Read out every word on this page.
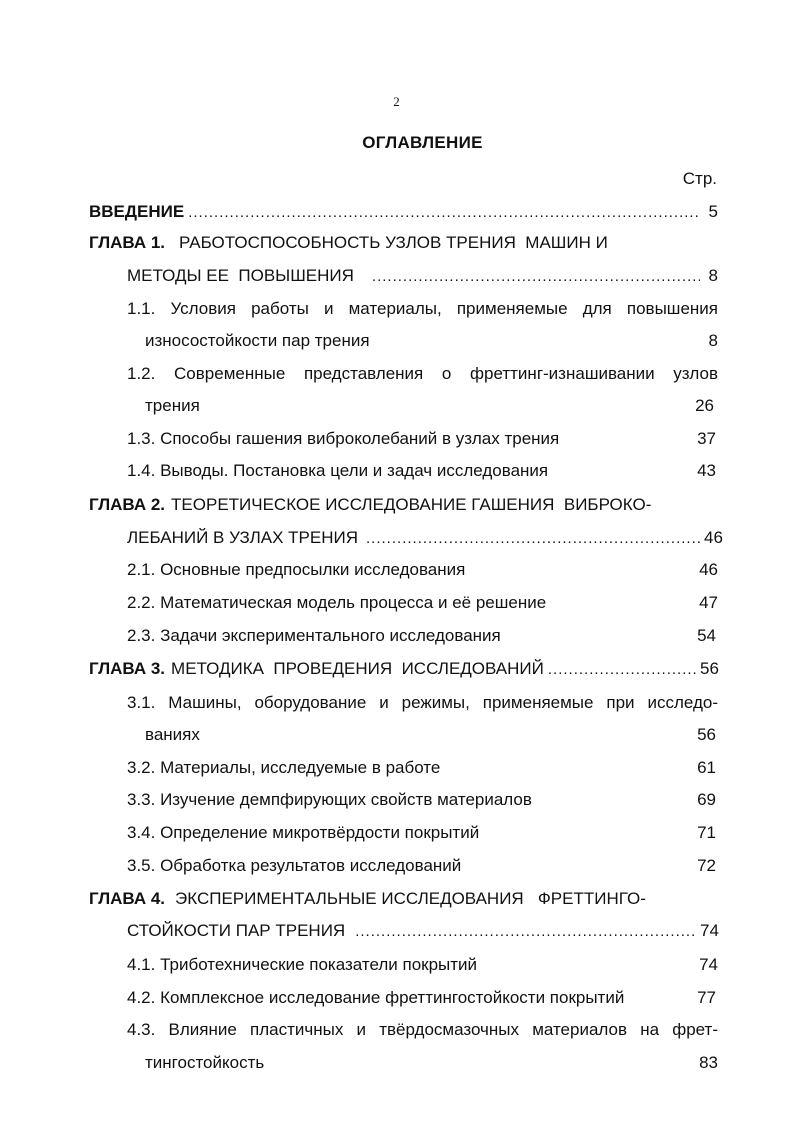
2
ОГЛАВЛЕНИЕ
Стр.
ВВЕДЕНИЕ .....	5
ГЛАВА 1. РАБОТОСПОСОБНОСТЬ УЗЛОВ ТРЕНИЯ  МАШИН И
МЕТОДЫ ЕЕ  ПОВЫШЕНИЯ .....	8
1.1. Условия работы и материалы, применяемые для повышения
износостойкости пар трения	8
1.2. Современные представления о фреттинг-изнашивании узлов
трения	26
1.3. Способы гашения виброколебаний в узлах трения	37
1.4. Выводы. Постановка цели и задач исследования	43
ГЛАВА 2. ТЕОРЕТИЧЕСКОЕ ИССЛЕДОВАНИЕ ГАШЕНИЯ  ВИБРОКО-
ЛЕБАНИЙ В УЗЛАХ ТРЕНИЯ .....	46
2.1. Основные предпосылки исследования	46
2.2. Математическая модель процесса и её решение	47
2.3. Задачи экспериментального исследования	54
ГЛАВА 3. МЕТОДИКА  ПРОВЕДЕНИЯ  ИССЛЕДОВАНИЙ .....	56
3.1. Машины, оборудование и режимы, применяемые при исследо-
ваниях	56
3.2. Материалы, исследуемые в работе	61
3.3. Изучение демпфирующих свойств материалов	69
3.4. Определение микротвёрдости покрытий	71
3.5. Обработка результатов исследований	72
ГЛАВА 4. ЭКСПЕРИМЕНТАЛЬНЫЕ ИССЛЕДОВАНИЯ   ФРЕТТИНГО-
СТОЙКОСТИ ПАР ТРЕНИЯ .....	74
4.1. Триботехнические показатели покрытий	74
4.2. Комплексное исследование фреттингостойкости покрытий	77
4.3. Влияние пластичных и твёрдосмазочных материалов на фрет-
тингостойкость	83
